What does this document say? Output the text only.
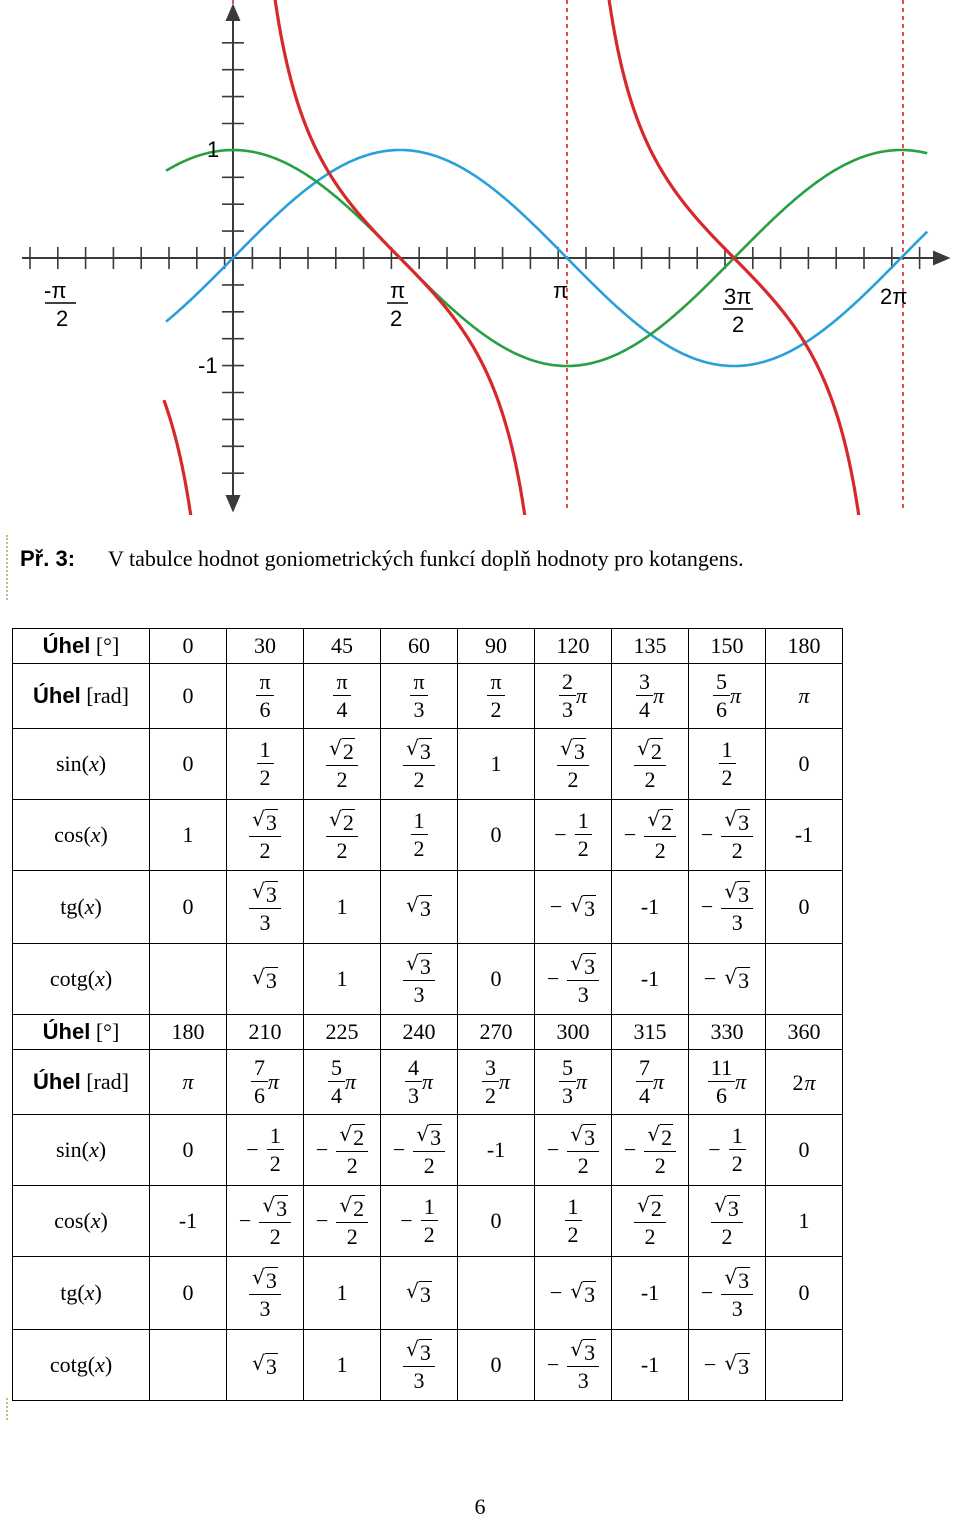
1
-1
-π
2
π
2
π	3π
2
2π
Př. 3: V tabulce hodnot goniometrických funkcí doplň hodnoty pro kotangens.
Úhel [°]	0	30	45	60	90	120	135	150	180
Úhel [rad]	0	$\frac{\pi}{6}$	$\frac{\pi}{4}$	$\frac{\pi}{3}$	$\frac{\pi}{2}$	$\frac{2}{3}$ π	$\frac{3}{4}$ π	$\frac{5}{6}$ π	π
sin(x)	0	$\frac{1}{2}$	$\frac{√ 2}{2}$	$\frac{√ 3}{2}$	1	$\frac{√ 3}{2}$	$\frac{√ 2}{2}$	$\frac{1}{2}$	0
cos(x)	1	$\frac{√ 3}{2}$	$\frac{√ 2}{2}$	$\frac{1}{2}$	0	− $\frac{1}{2}$	− $\frac{√ 2}{2}$	− $\frac{√ 3}{2}$	-1
tg(x)	0	$\frac{√ 3}{3}$	1	√ 3		− √ 3	-1	− $\frac{√ 3}{3}$	0
cotg(x)		√ 3	1	$\frac{√ 3}{3}$	0	− $\frac{√ 3}{3}$	-1	− √ 3	

Úhel [°]	180	210	225	240	270	300	315	330	360
Úhel [rad]	π	$\frac{7}{6}$ π	$\frac{5}{4}$ π	$\frac{4}{3}$ π	$\frac{3}{2}$ π	$\frac{5}{3}$ π	$\frac{7}{4}$ π	$\frac{11}{6}$ π	2π
sin(x)	0	− $\frac{1}{2}$	− $\frac{√ 2}{2}$	− $\frac{√ 3}{2}$	-1	− $\frac{√ 3}{2}$	− $\frac{√ 2}{2}$	− $\frac{1}{2}$	0
cos(x)	-1	− $\frac{√ 3}{2}$	− $\frac{√ 2}{2}$	− $\frac{1}{2}$	0	$\frac{1}{2}$	$\frac{√ 2}{2}$	$\frac{√ 3}{2}$	1
tg(x)	0	$\frac{√ 3}{3}$	1	√ 3		− √ 3	-1	− $\frac{√ 3}{3}$	0
cotg(x)		√ 3	1	$\frac{√ 3}{3}$	0	− $\frac{√ 3}{3}$	-1	− √ 3	

6
